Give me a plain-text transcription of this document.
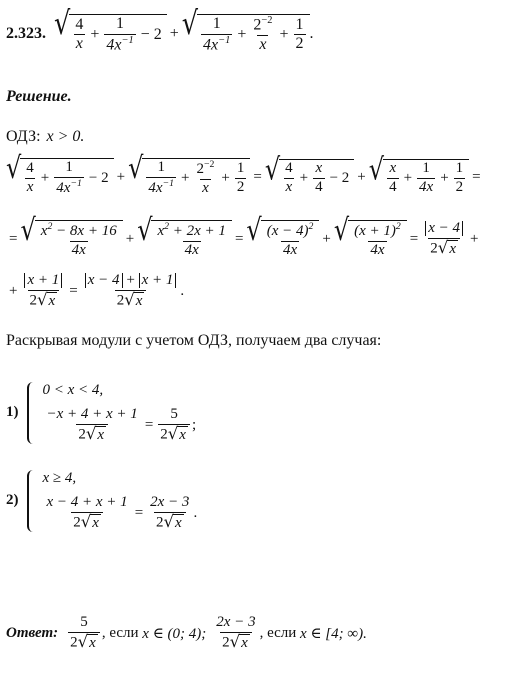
2.323. √ $\frac{4}{x} + \frac{1}{4x^{-1}} - 2$ + √ $\frac{1}{4x^{-1}} + \frac{2^{-2}}{x} + \frac{1}{2}$ .
Решение.
ОДЗ: x > 0.
√ $\frac{4}{x} + \frac{1}{4x^{-1}} - 2$ + √ $\frac{1}{4x^{-1}} + \frac{2^{-2}}{x} + \frac{1}{2}$ = √ $\frac{4}{x} + \frac{x}{4} - 2$ + √ $\frac{x}{4} + \frac{1}{4x} + \frac{1}{2}$ =
= √ $\frac{x^2 - 8x + 16}{4x}$ + √ $\frac{x^2 + 2x + 1}{4x}$ = √ $\frac{(x - 4)^2}{4x}$ + √ $\frac{(x + 1)^2}{4x} = \frac{x - 4}{2 √ x}$ +
+ $\frac{x + 1}{2 √ x} = \frac{x - 4 + x + 1}{2 √ x}$ .
Раскрывая модули с учетом ОДЗ, получаем два случая:
1)
0 < x < 4,
$\frac{-x + 4 + x + 1}{2 √ x} = \frac{5}{2 √ x}$ ;
2)
x ≥ 4,
$\frac{x - 4 + x + 1}{2 √ x} = \frac{2x - 3}{2 √ x}$ .
Ответ: $\frac{5}{2 √ x}$ , если x ∈ (0; 4); $\frac{2x - 3}{2 √ x}$ , если x ∈ [4; ∞).
